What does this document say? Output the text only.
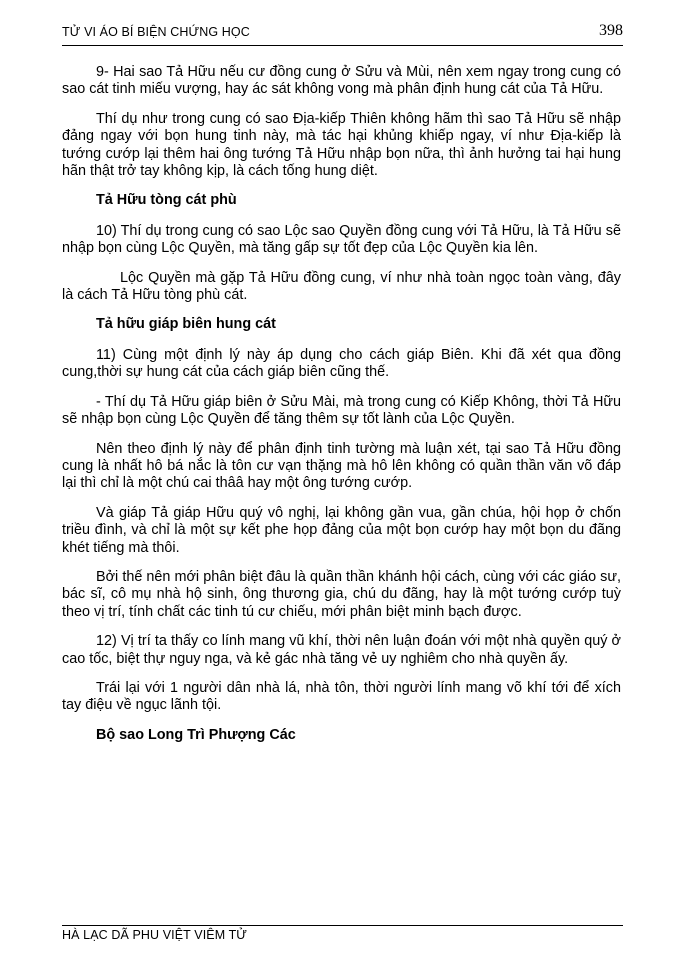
TỬ VI ÁO BÍ BIỆN CHỨNG HỌC	398

9- Hai sao Tả Hữu nếu cư đồng cung ở Sửu và Mùi, nên xem ngay trong cung có sao cát tinh miếu vượng, hay ác sát không vong mà phân định hung cát của Tả Hữu.

Thí dụ như trong cung có sao Địa-kiếp Thiên không hãm thì sao Tả Hữu sẽ nhập đảng ngay với bọn hung tinh này, mà tác hại khủng khiếp ngay, ví như Địa-kiếp là tướng cướp lại thêm hai ông tướng Tả Hữu nhập bọn nữa, thì ảnh hưởng tai hại hung hãn thật trở tay không kịp, là cách tống hung diệt.

Tả Hữu tòng cát phù

10) Thí dụ trong cung có sao Lộc sao Quyền đồng cung với Tả Hữu, là Tả Hữu sẽ nhập bọn cùng Lộc Quyền, mà tăng gấp sự tốt đẹp của Lộc Quyền kia lên.

Lộc Quyền mà gặp Tả Hữu đồng cung, ví như nhà toàn ngọc toàn vàng, đây là cách Tả Hữu tòng phù cát.

Tả hữu giáp biên hung cát

11) Cùng một định lý này áp dụng cho cách giáp Biên. Khi đã xét qua đồng cung,thời sự hung cát của cách giáp biên cũng thế.

- Thí dụ Tả Hữu giáp biên ở Sửu Mài, mà trong cung có Kiếp Không, thời Tả Hữu sẽ nhập bọn cùng Lộc Quyền để tăng thêm sự tốt lành của Lộc Quyền.

Nên theo định lý này để phân định tinh tường mà luận xét, tại sao Tả Hữu đồng cung là nhất hô bá nắc là tôn cư vạn thặng mà hô lên không có quần thần văn võ đáp lại thì chỉ là một chú cai thââ hay một ông tướng cướp.

Và giáp Tả giáp Hữu quý vô nghị, lại không gần vua, gần chúa, hội họp ở chốn triều đình, và chỉ là một sự kết phe họp đảng của một bọn cướp hay một bọn du đãng khét tiếng mà thôi.

Bởi thế nên mới phân biệt đâu là quần thần khánh hội cách, cùng với các giáo sư, bác sĩ, cô mụ nhà hộ sinh, ông thương gia, chú du đãng, hay là một tướng cướp tuỳ theo vị trí, tính chất các tinh tú cư chiếu, mới phân biệt minh bạch được.

12) Vị trí ta thấy co lính mang vũ khí, thời nên luận đoán với một nhà quyền quý ở cao tốc, biệt thự nguy nga, và kẻ gác nhà tăng vẻ uy nghiêm cho nhà quyền ấy.

Trái lại với 1 người dân nhà lá, nhà tôn, thời người lính mang võ khí tới để xích tay điệu về ngục lãnh tội.

Bộ sao Long Trì Phượng Các

HÀ LẠC DÃ PHU VIỆT VIÊM TỬ
